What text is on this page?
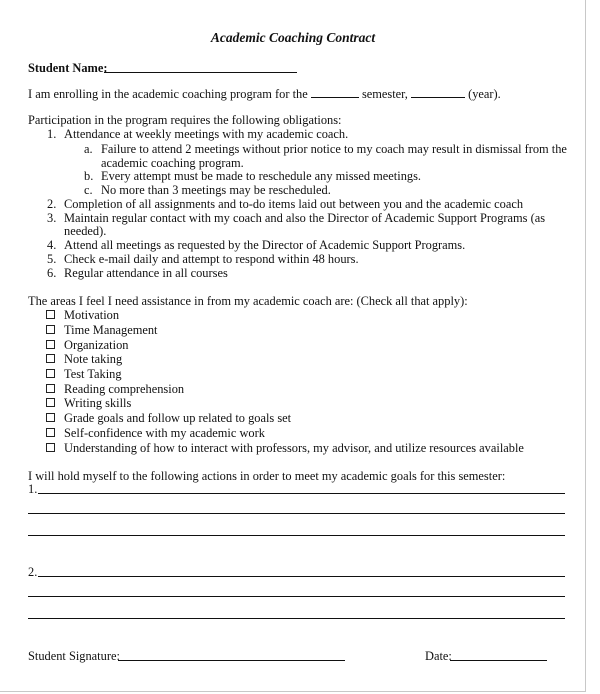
Academic Coaching Contract
Student Name:
I am enrolling in the academic coaching program for the	semester,	(year).
Participation in the program requires the following obligations:
1. Attendance at weekly meetings with my academic coach.
a. Failure to attend 2 meetings without prior notice to my coach may result in dismissal from the
academic coaching program.
b. Every attempt must be made to reschedule any missed meetings.
c. No more than 3 meetings may be rescheduled.
2. Completion of all assignments and to-do items laid out between you and the academic coach
3. Maintain regular contact with my coach and also the Director of Academic Support Programs (as
needed).
4. Attend all meetings as requested by the Director of Academic Support Programs.
5. Check e-mail daily and attempt to respond within 48 hours.
6. Regular attendance in all courses
The areas I feel I need assistance in from my academic coach are: (Check all that apply):
Motivation
Time Management
Organization
Note taking
Test Taking
Reading comprehension
Writing skills
Grade goals and follow up related to goals set
Self-confidence with my academic work
Understanding of how to interact with professors, my advisor, and utilize resources available
I will hold myself to the following actions in order to meet my academic goals for this semester:
1.
2.
Student Signature:	Date:
